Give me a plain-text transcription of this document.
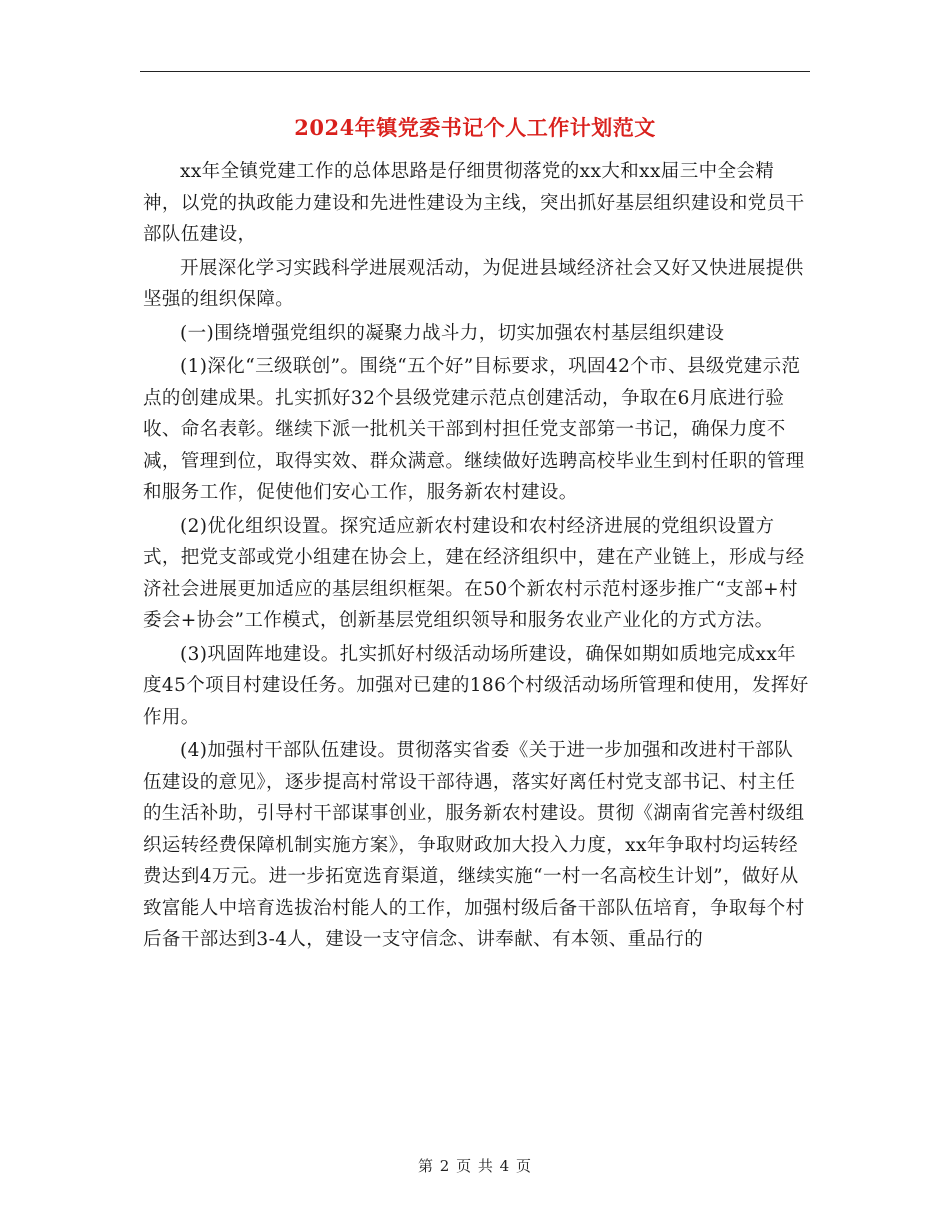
2024年镇党委书记个人工作计划范文

xx年全镇党建工作的总体思路是仔细贯彻落党的xx大和xx届三中全会精神，以党的执政能力建设和先进性建设为主线，突出抓好基层组织建设和党员干部队伍建设，

开展深化学习实践科学进展观活动，为促进县域经济社会又好又快进展提供坚强的组织保障。

(一)围绕增强党组织的凝聚力战斗力，切实加强农村基层组织建设

(1)深化“三级联创”。围绕“五个好”目标要求，巩固42个市、县级党建示范点的创建成果。扎实抓好32个县级党建示范点创建活动，争取在6月底进行验收、命名表彰。继续下派一批机关干部到村担任党支部第一书记，确保力度不减，管理到位，取得实效、群众满意。继续做好选聘高校毕业生到村任职的管理和服务工作，促使他们安心工作，服务新农村建设。

(2)优化组织设置。探究适应新农村建设和农村经济进展的党组织设置方式，把党支部或党小组建在协会上，建在经济组织中，建在产业链上，形成与经济社会进展更加适应的基层组织框架。在50个新农村示范村逐步推广“支部+村委会+协会”工作模式，创新基层党组织领导和服务农业产业化的方式方法。

(3)巩固阵地建设。扎实抓好村级活动场所建设，确保如期如质地完成xx年度45个项目村建设任务。加强对已建的186个村级活动场所管理和使用，发挥好作用。

(4)加强村干部队伍建设。贯彻落实省委《关于进一步加强和改进村干部队伍建设的意见》，逐步提高村常设干部待遇，落实好离任村党支部书记、村主任的生活补助，引导村干部谋事创业，服务新农村建设。贯彻《湖南省完善村级组织运转经费保障机制实施方案》，争取财政加大投入力度，xx年争取村均运转经费达到4万元。进一步拓宽选育渠道，继续实施“一村一名高校生计划”，做好从致富能人中培育选拔治村能人的工作，加强村级后备干部队伍培育，争取每个村后备干部达到3-4人，建设一支守信念、讲奉献、有本领、重品行的

第 2 页 共 4 页
